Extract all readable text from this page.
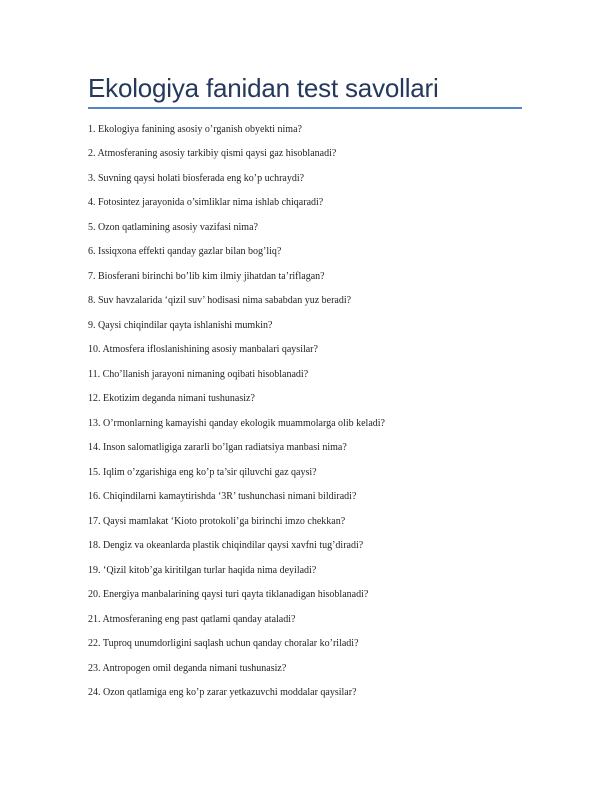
Ekologiya fanidan test savollari

1. Ekologiya fanining asosiy o’rganish obyekti nima?

2. Atmosferaning asosiy tarkibiy qismi qaysi gaz hisoblanadi?

3. Suvning qaysi holati biosferada eng ko’p uchraydi?

4. Fotosintez jarayonida o’simliklar nima ishlab chiqaradi?

5. Ozon qatlamining asosiy vazifasi nima?

6. Issiqxona effekti qanday gazlar bilan bog’liq?

7. Biosferani birinchi bo’lib kim ilmiy jihatdan ta’riflagan?

8. Suv havzalarida ‘qizil suv’ hodisasi nima sababdan yuz beradi?

9. Qaysi chiqindilar qayta ishlanishi mumkin?

10. Atmosfera ifloslanishining asosiy manbalari qaysilar?

11. Cho’llanish jarayoni nimaning oqibati hisoblanadi?

12. Ekotizim deganda nimani tushunasiz?

13. O’rmonlarning kamayishi qanday ekologik muammolarga olib keladi?

14. Inson salomatligiga zararli bo’lgan radiatsiya manbasi nima?

15. Iqlim o’zgarishiga eng ko’p ta’sir qiluvchi gaz qaysi?

16. Chiqindilarni kamaytirishda ‘3R’ tushunchasi nimani bildiradi?

17. Qaysi mamlakat ‘Kioto protokoli’ga birinchi imzo chekkan?

18. Dengiz va okeanlarda plastik chiqindilar qaysi xavfni tug’diradi?

19. ‘Qizil kitob’ga kiritilgan turlar haqida nima deyiladi?

20. Energiya manbalarining qaysi turi qayta tiklanadigan hisoblanadi?

21. Atmosferaning eng past qatlami qanday ataladi?

22. Tuproq unumdorligini saqlash uchun qanday choralar ko’riladi?

23. Antropogen omil deganda nimani tushunasiz?

24. Ozon qatlamiga eng ko’p zarar yetkazuvchi moddalar qaysilar?
